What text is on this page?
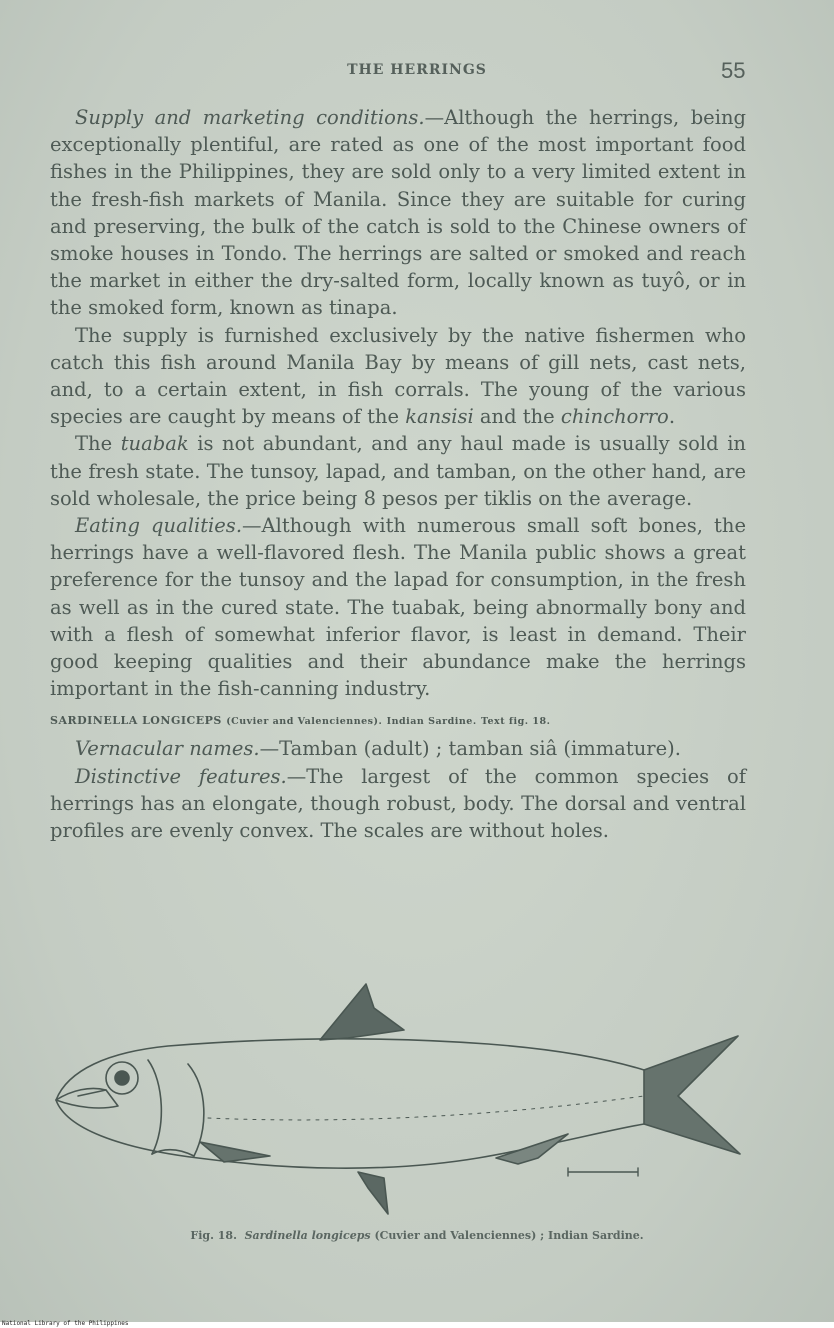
THE HERRINGS	55

Supply and marketing conditions.—Although the herrings, being exceptionally plentiful, are rated as one of the most important food fishes in the Philippines, they are sold only to a very limited extent in the fresh-fish markets of Manila. Since they are suitable for curing and preserving, the bulk of the catch is sold to the Chinese owners of smoke houses in Tondo. The herrings are salted or smoked and reach the market in either the dry-salted form, locally known as tuyô, or in the smoked form, known as tinapa.

The supply is furnished exclusively by the native fishermen who catch this fish around Manila Bay by means of gill nets, cast nets, and, to a certain extent, in fish corrals. The young of the various species are caught by means of the kansisi and the chinchorro.

The tuabak is not abundant, and any haul made is usually sold in the fresh state. The tunsoy, lapad, and tamban, on the other hand, are sold wholesale, the price being 8 pesos per tiklis on the average.

Eating qualities.—Although with numerous small soft bones, the herrings have a well-flavored flesh. The Manila public shows a great preference for the tunsoy and the lapad for consumption, in the fresh as well as in the cured state. The tuabak, being abnormally bony and with a flesh of somewhat inferior flavor, is least in demand. Their good keeping qualities and their abundance make the herrings important in the fish-canning industry.

SARDINELLA LONGICEPS (Cuvier and Valenciennes). Indian Sardine. Text fig. 18.

Vernacular names.—Tamban (adult) ; tamban siâ (immature).

Distinctive features.—The largest of the common species of herrings has an elongate, though robust, body. The dorsal and ventral profiles are evenly convex. The scales are without holes.

Fig. 18. Sardinella longiceps (Cuvier and Valenciennes) ; Indian Sardine.
National Library of the Philippines
